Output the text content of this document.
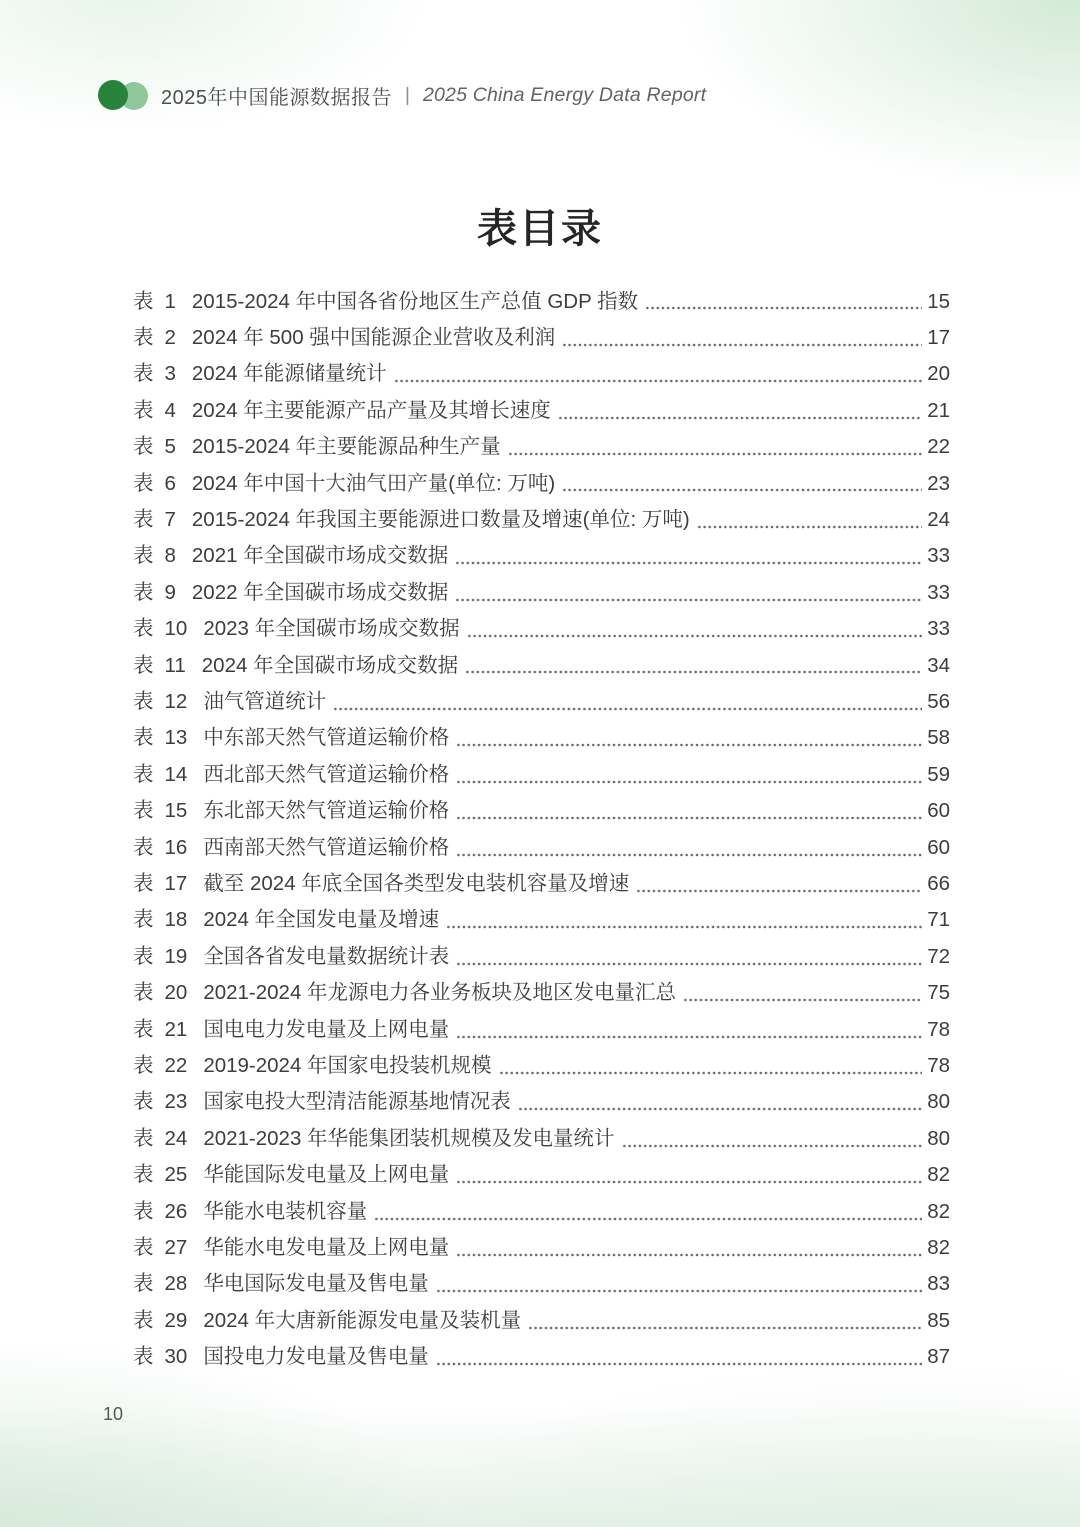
2025年中国能源数据报告 | 2025 China Energy Data Report
表目录
表 1 2015-2024 年中国各省份地区生产总值 GDP 指数	15
表 2 2024 年 500 强中国能源企业营收及利润	17
表 3 2024 年能源储量统计	20
表 4 2024 年主要能源产品产量及其增长速度	21
表 5 2015-2024 年主要能源品种生产量	22
表 6 2024 年中国十大油气田产量(单位: 万吨)	23
表 7 2015-2024 年我国主要能源进口数量及增速(单位: 万吨)	24
表 8 2021 年全国碳市场成交数据	33
表 9 2022 年全国碳市场成交数据	33
表 10 2023 年全国碳市场成交数据	33
表 11 2024 年全国碳市场成交数据	34
表 12 油气管道统计	56
表 13 中东部天然气管道运输价格	58
表 14 西北部天然气管道运输价格	59
表 15 东北部天然气管道运输价格	60
表 16 西南部天然气管道运输价格	60
表 17 截至 2024 年底全国各类型发电装机容量及增速	66
表 18 2024 年全国发电量及增速	71
表 19 全国各省发电量数据统计表	72
表 20 2021-2024 年龙源电力各业务板块及地区发电量汇总	75
表 21 国电电力发电量及上网电量	78
表 22 2019-2024 年国家电投装机规模	78
表 23 国家电投大型清洁能源基地情况表	80
表 24 2021-2023 年华能集团装机规模及发电量统计	80
表 25 华能国际发电量及上网电量	82
表 26 华能水电装机容量	82
表 27 华能水电发电量及上网电量	82
表 28 华电国际发电量及售电量	83
表 29 2024 年大唐新能源发电量及装机量	85
表 30 国投电力发电量及售电量	87
10
